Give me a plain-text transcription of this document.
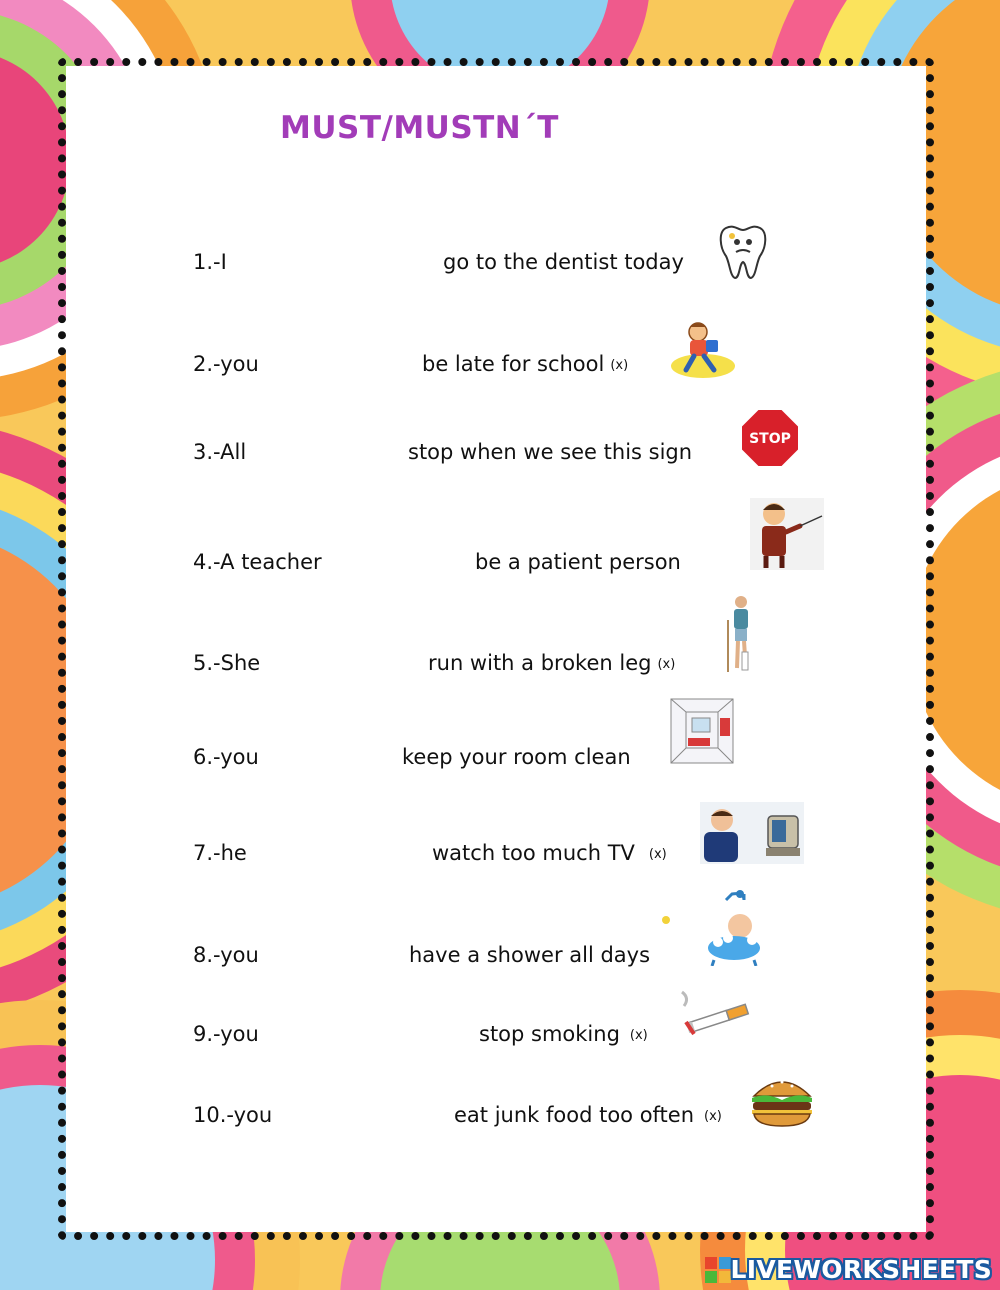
MUST/MUSTN´T
1.-I	go to the dentist today
2.-you	be late for school (x)
3.-All	stop when we see this sign
STOP
4.-A teacher	be a patient person
5.-She	run with a broken leg (x)
6.-you	keep your room clean
7.-he	watch too much TV (x)
8.-you	have a shower all days
9.-you	stop smoking (x)
10.-you	eat junk food too often (x)
LIVEWORKSHEETS
